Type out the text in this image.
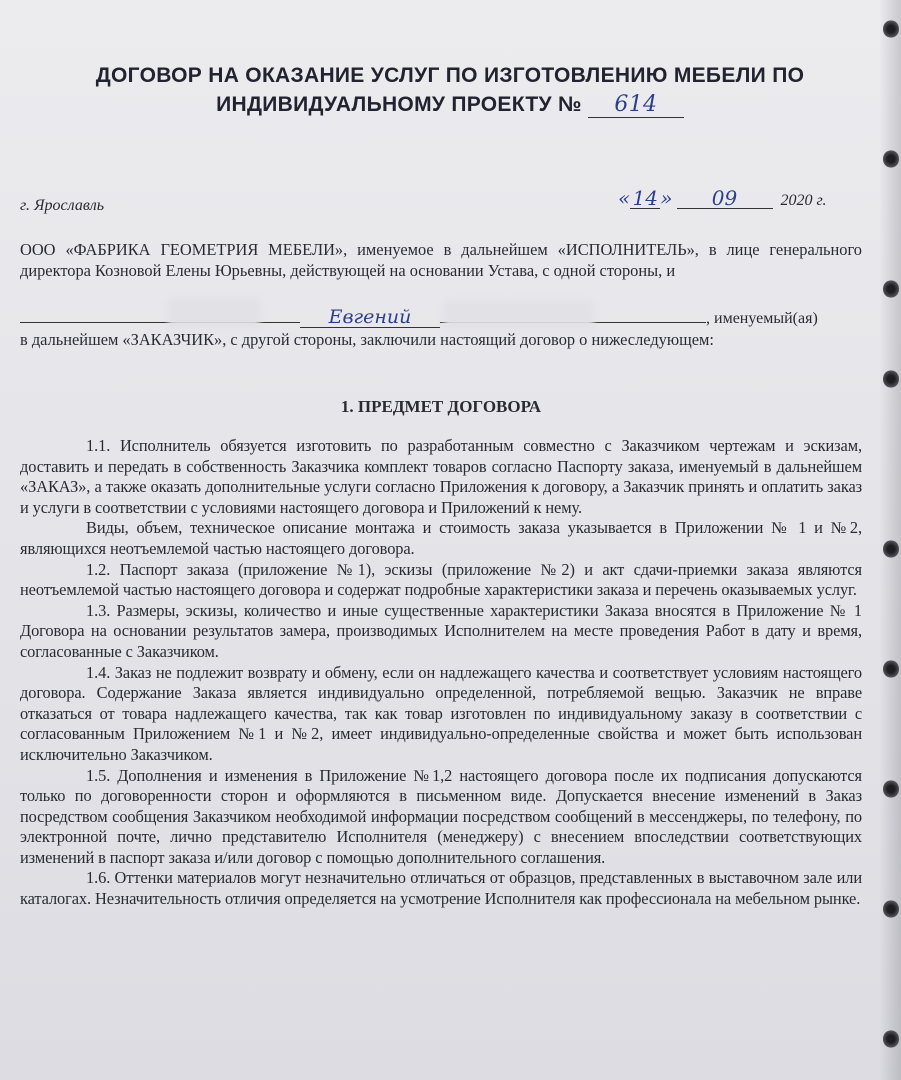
ДОГОВОР НА ОКАЗАНИЕ УСЛУГ ПО ИЗГОТОВЛЕНИЮ МЕБЕЛИ ПО
ИНДИВИДУАЛЬНОМУ ПРОЕКТУ № 614
г. Ярославль	« 14 » 09	2020 г.

ООО «ФАБРИКА ГЕОМЕТРИЯ МЕБЕЛИ», именуемое в дальнейшем «ИСПОЛНИТЕЛЬ», в лице генерального директора Козновой Елены Юрьевны, действующей на основании Устава, с одной стороны, и

Евгений	, именуемый(ая)

в дальнейшем «ЗАКАЗЧИК», с другой стороны, заключили настоящий договор о нижеследующем:

1. ПРЕДМЕТ ДОГОВОРА

1.1. Исполнитель обязуется изготовить по разработанным совместно с Заказчиком чертежам и эскизам, доставить и передать в собственность Заказчика комплект товаров согласно Паспорту заказа, именуемый в дальнейшем «ЗАКАЗ», а также оказать дополнительные услуги согласно Приложения к договору, а Заказчик принять и оплатить заказ и услуги в соответствии с условиями настоящего договора и Приложений к нему.

Виды, объем, техническое описание монтажа и стоимость заказа указывается в Приложении № 1 и №2, являющихся неотъемлемой частью настоящего договора.

1.2. Паспорт заказа (приложение №1), эскизы (приложение №2) и акт сдачи-приемки заказа являются неотъемлемой частью настоящего договора и содержат подробные характеристики заказа и перечень оказываемых услуг.

1.3. Размеры, эскизы, количество и иные существенные характеристики Заказа вносятся в Приложение № 1 Договора на основании результатов замера, производимых Исполнителем на месте проведения Работ в дату и время, согласованные с Заказчиком.

1.4. Заказ не подлежит возврату и обмену, если он надлежащего качества и соответствует условиям настоящего договора. Содержание Заказа является индивидуально определенной, потребляемой вещью. Заказчик не вправе отказаться от товара надлежащего качества, так как товар изготовлен по индивидуальному заказу в соответствии с согласованным Приложением №1 и №2, имеет индивидуально-определенные свойства и может быть использован исключительно Заказчиком.

1.5. Дополнения и изменения в Приложение №1,2 настоящего договора после их подписания допускаются только по договоренности сторон и оформляются в письменном виде. Допускается внесение изменений в Заказ посредством сообщения Заказчиком необходимой информации посредством сообщений в мессенджеры, по телефону, по электронной почте, лично представителю Исполнителя (менеджеру) с внесением впоследствии соответствующих изменений в паспорт заказа и/или договор с помощью дополнительного соглашения.

1.6. Оттенки материалов могут незначительно отличаться от образцов, представленных в выставочном зале или каталогах. Незначительность отличия определяется на усмотрение Исполнителя как профессионала на мебельном рынке.
